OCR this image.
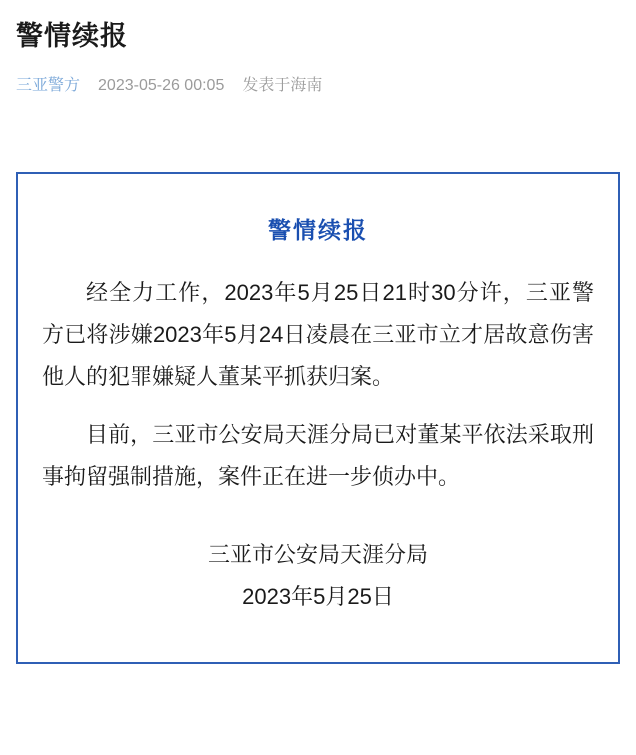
警情续报
三亚警方 2023-05-26 00:05 发表于海南
警情续报

经全力工作，2023年5月25日21时30分许，三亚警方已将涉嫌2023年5月24日凌晨在三亚市立才居故意伤害他人的犯罪嫌疑人董某平抓获归案。

目前，三亚市公安局天涯分局已对董某平依法采取刑事拘留强制措施，案件正在进一步侦办中。

三亚市公安局天涯分局
2023年5月25日
